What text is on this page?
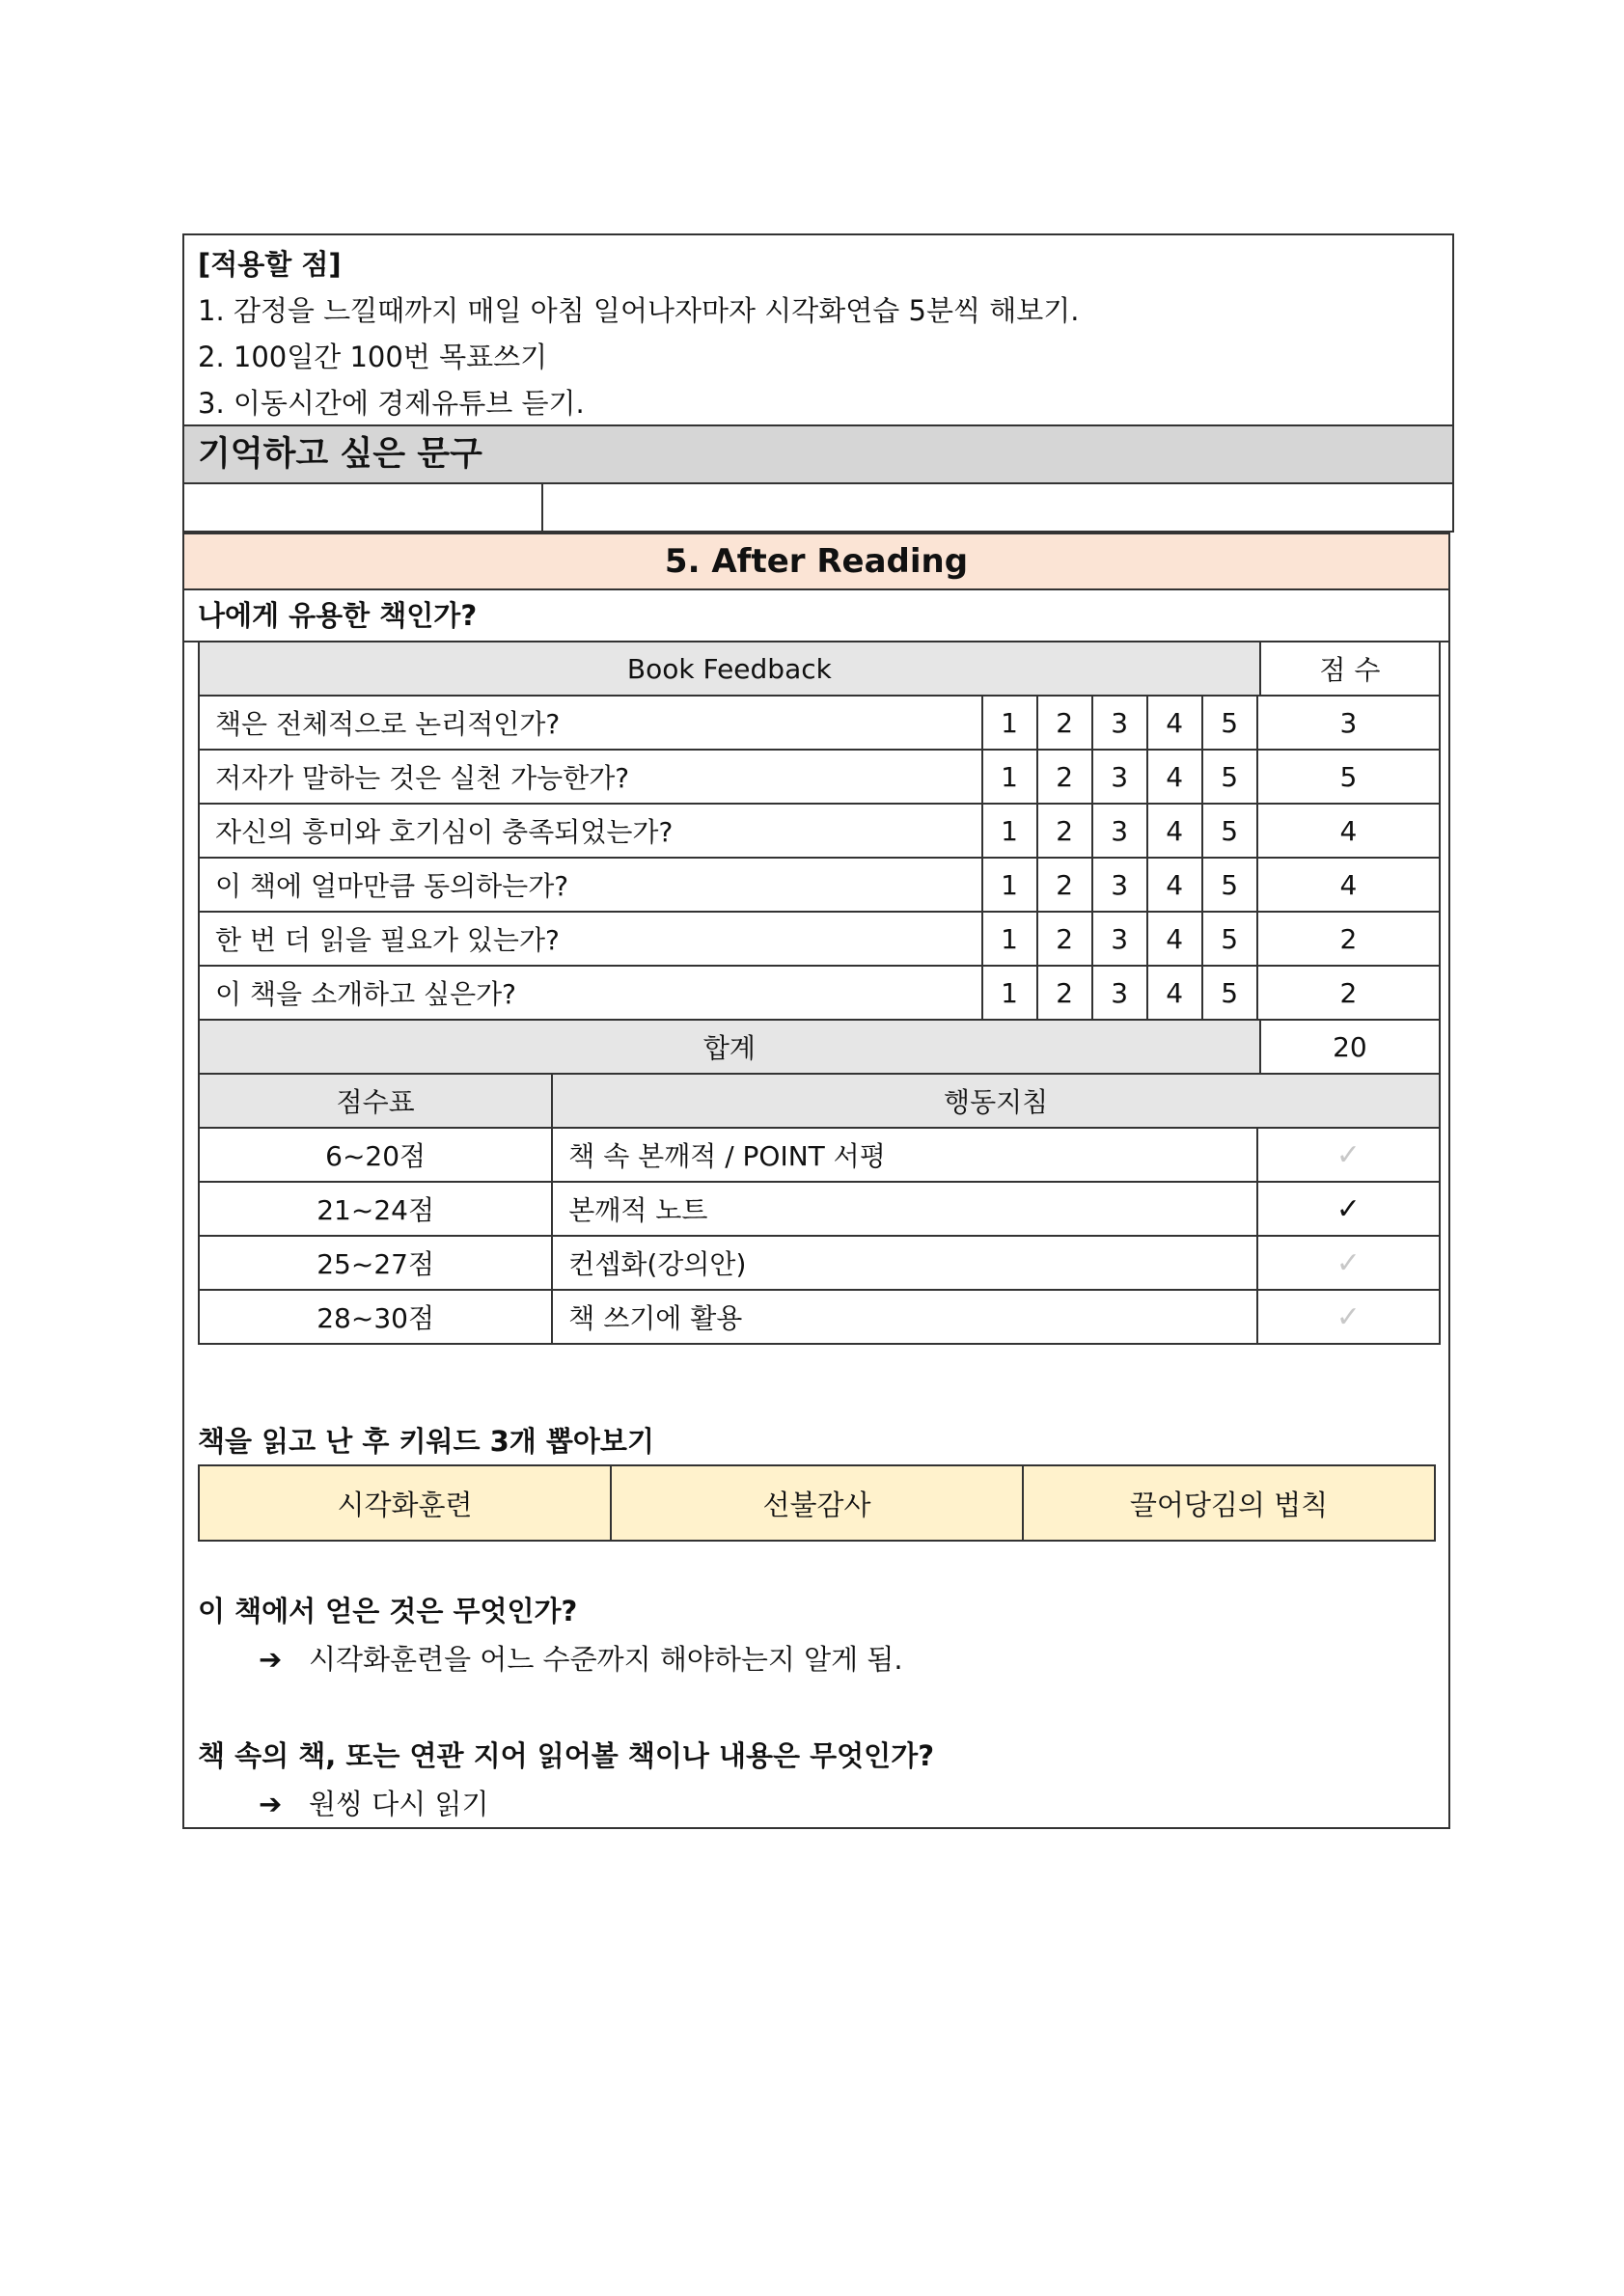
[적용할 점]
1. 감정을 느낄때까지 매일 아침 일어나자마자 시각화연습 5분씩 해보기.
2. 100일간 100번 목표쓰기
3. 이동시간에 경제유튜브 듣기.
기억하고 싶은 문구
5. After Reading
나에게 유용한 책인가?
Book Feedback								점 수
책은 전체적으로 논리적인가?		1	2	3	4	5	3	
저자가 말하는 것은 실천 가능한가?		1	2	3	4	5	5	
자신의 흥미와 호기심이 충족되었는가?		1	2	3	4	5	4	
이 책에 얼마만큼 동의하는가?		1	2	3	4	5	4	
한 번 더 읽을 필요가 있는가?		1	2	3	4	5	2	
이 책을 소개하고 싶은가?		1	2	3	4	5	2	
합계								20
점수표	행동지침							
6~20점	책 속 본깨적 / POINT 서평						✓	
21~24점	본깨적 노트						✓	
25~27점	컨셉화(강의안)						✓	
28~30점	책 쓰기에 활용						✓	
책을 읽고 난 후 키워드 3개 뽑아보기
시각화훈련	선불감사	끌어당김의 법칙
이 책에서 얻은 것은 무엇인가?
➔ 시각화훈련을 어느 수준까지 해야하는지 알게 됨.
책 속의 책, 또는 연관 지어 읽어볼 책이나 내용은 무엇인가?
➔ 원씽 다시 읽기
